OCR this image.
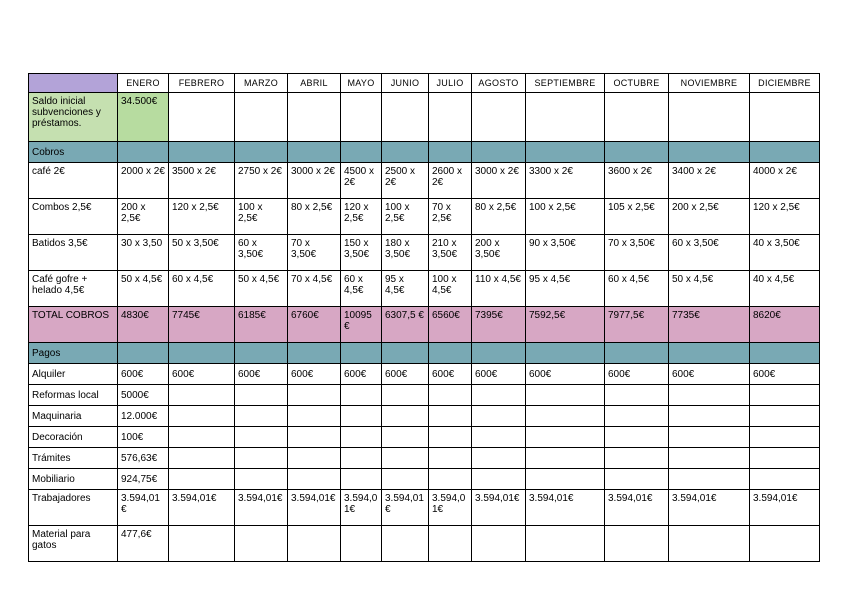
	ENERO	FEBRERO	MARZO	ABRIL	MAYO	JUNIO	JULIO	AGOSTO	SEPTIEMBRE	OCTUBRE	NOVIEMBRE	DICIEMBRE
Saldo inicial subvenciones y préstamos.	34.500€											
Cobros												
café 2€	2000 x 2€	3500 x 2€	2750 x 2€	3000 x 2€	4500 x 2€	2500 x 2€	2600 x 2€	3000 x 2€	3300 x 2€	3600 x 2€	3400 x 2€	4000 x 2€
Combos 2,5€	200 x 2,5€	120 x 2,5€	100 x 2,5€	80 x 2,5€	120 x 2,5€	100 x 2,5€	70 x 2,5€	80 x 2,5€	100 x 2,5€	105 x 2,5€	200 x 2,5€	120 x 2,5€
Batidos 3,5€	30 x 3,50	50 x 3,50€	60 x 3,50€	70 x 3,50€	150 x 3,50€	180 x 3,50€	210 x 3,50€	200 x 3,50€	90 x 3,50€	70 x 3,50€	60 x 3,50€	40 x 3,50€
Café gofre + helado 4,5€	50 x 4,5€	60 x 4,5€	50 x 4,5€	70 x 4,5€	60 x 4,5€	95 x 4,5€	100 x 4,5€	110 x 4,5€	95 x 4,5€	60 x 4,5€	50 x 4,5€	40 x 4,5€
TOTAL COBROS	4830€	7745€	6185€	6760€	10095 €	6307,5 €	6560€	7395€	7592,5€	7977,5€	7735€	8620€
Pagos												
Alquiler	600€	600€	600€	600€	600€	600€	600€	600€	600€	600€	600€	600€
Reformas local	5000€											
Maquinaria	12.000€											
Decoración	100€											
Trámites	576,63€											
Mobiliario	924,75€											
Trabajadores	3.594,01€	3.594,01€	3.594,01€	3.594,01€	3.594,01€	3.594,01€	3.594,01€	3.594,01€	3.594,01€	3.594,01€	3.594,01€	3.594,01€
Material para gatos	477,6€											
